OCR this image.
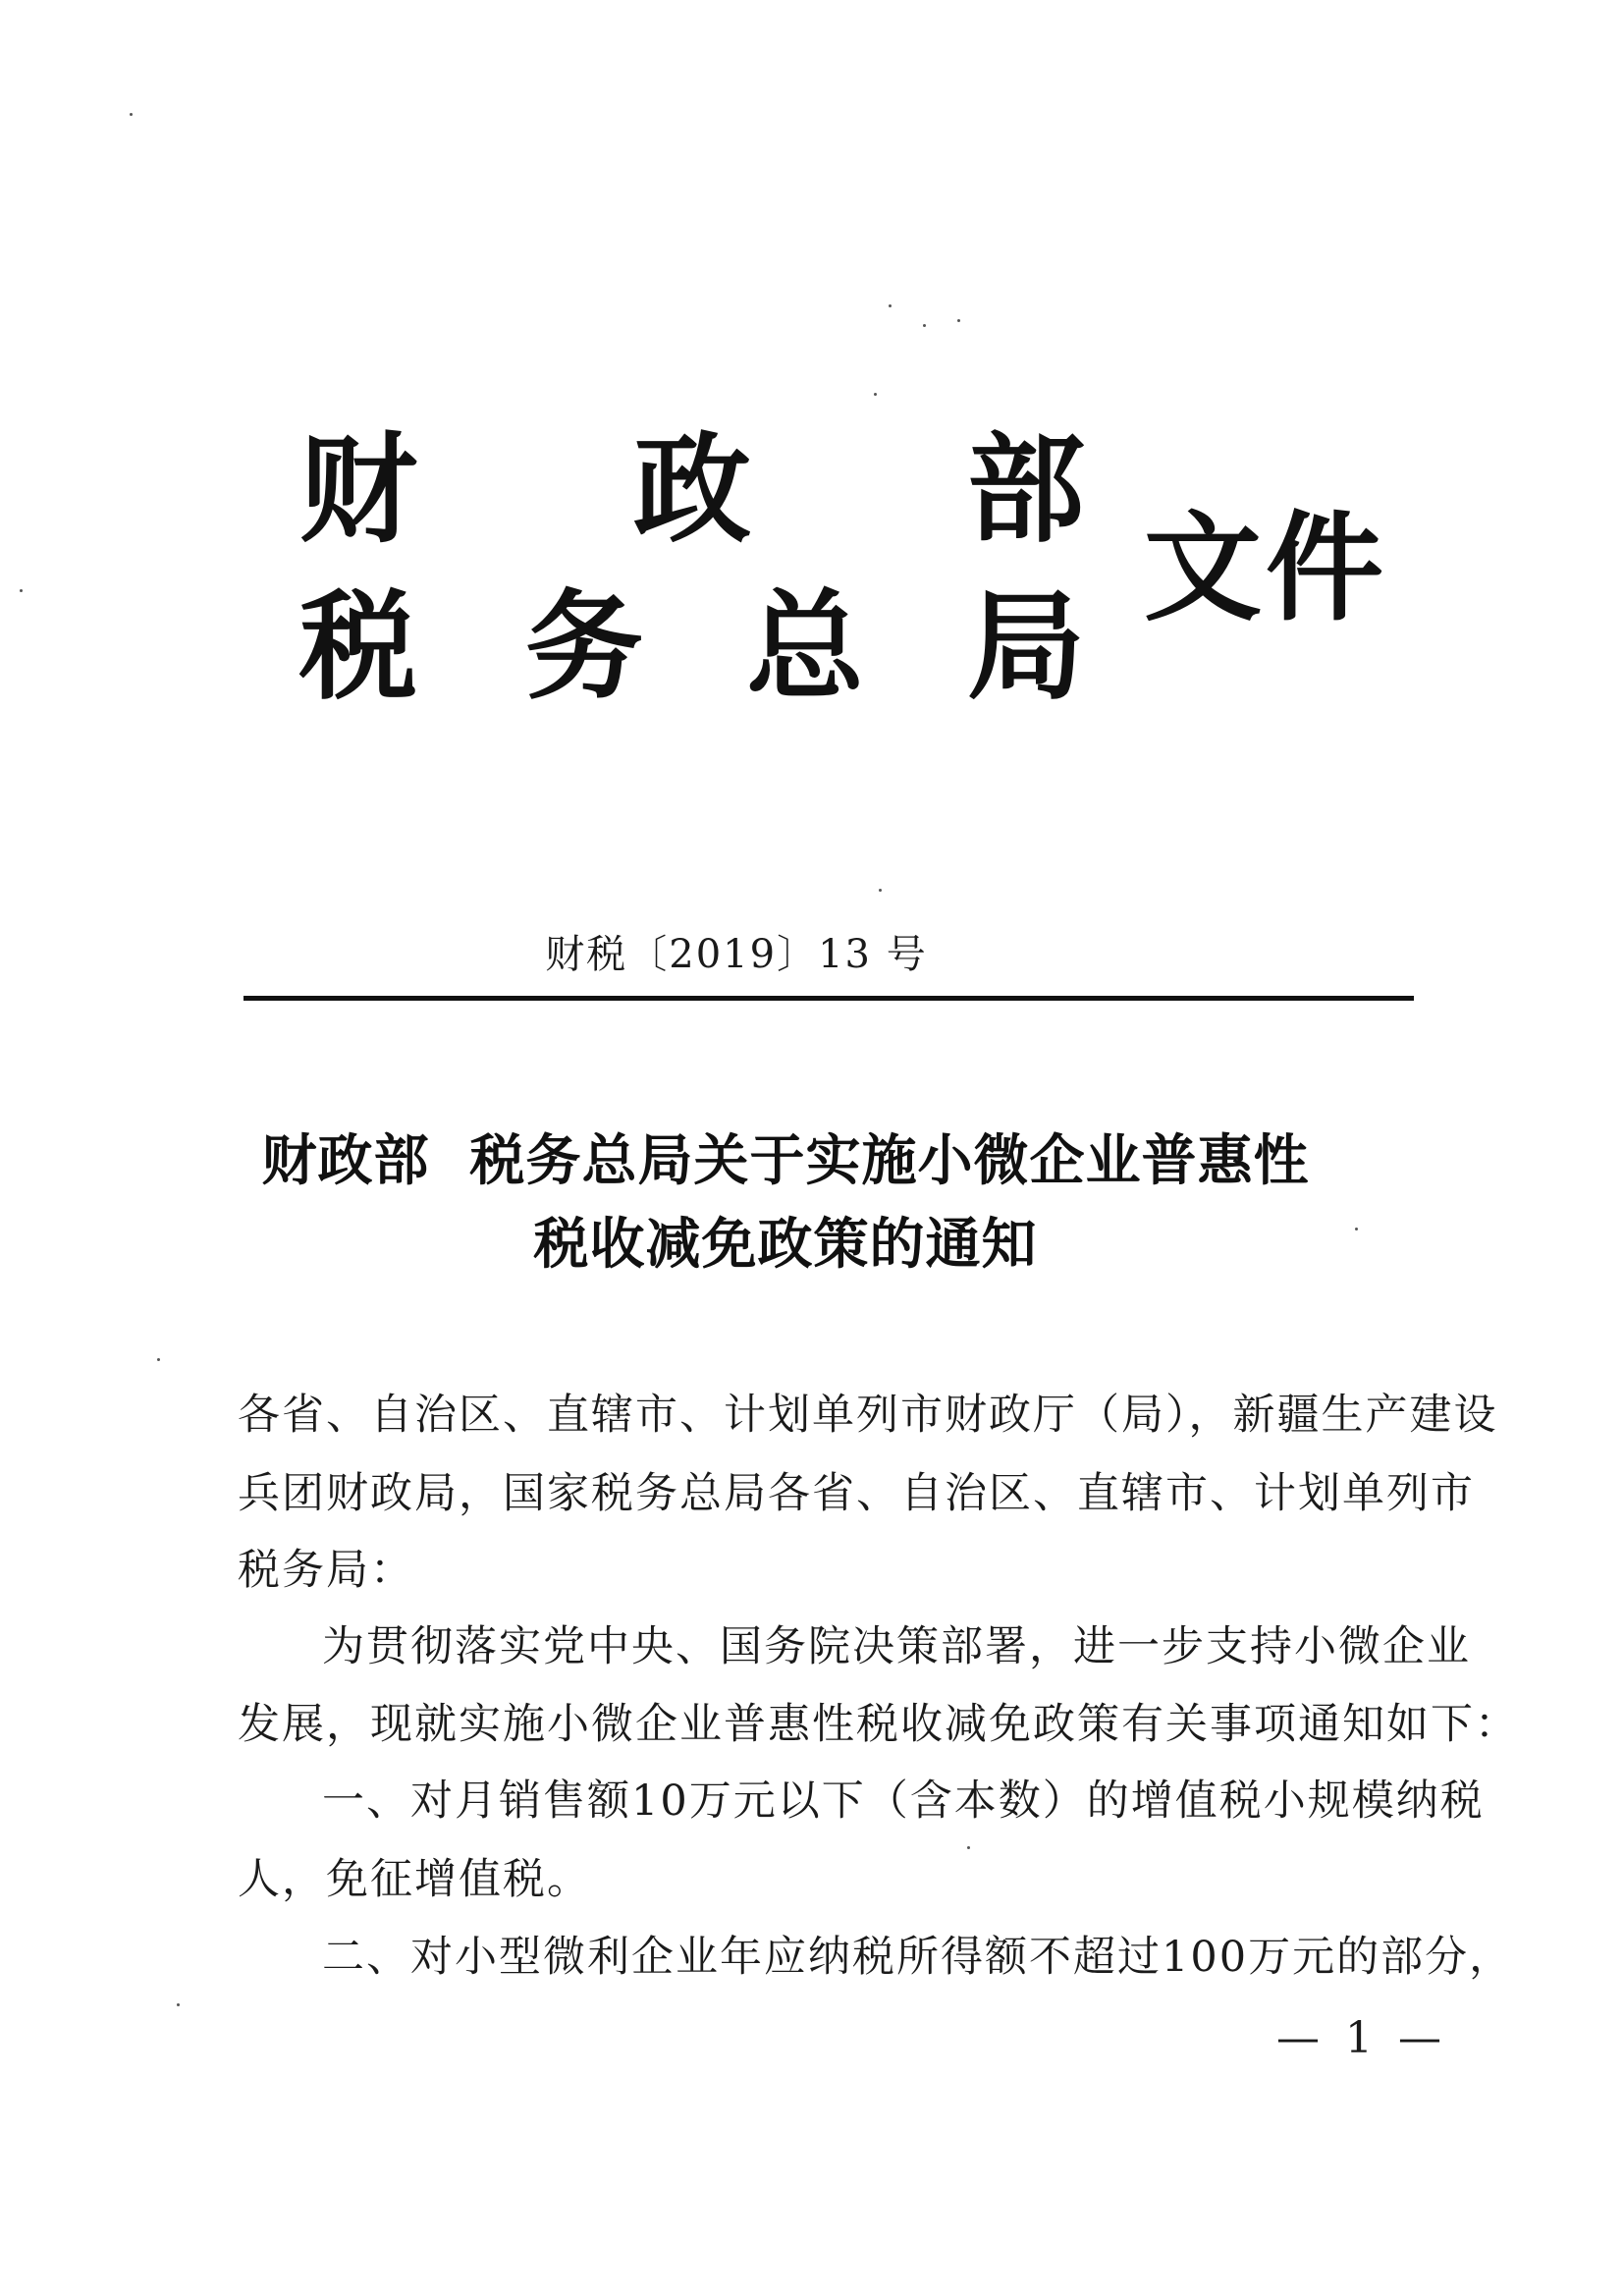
财 政 部
税 务 总 局
文件
财税〔2019〕13 号
财政部  税务总局关于实施小微企业普惠性
税收减免政策的通知
各省、自治区、直辖市、计划单列市财政厅（局），新疆生产建设
兵团财政局，国家税务总局各省、自治区、直辖市、计划单列市
税务局：
为贯彻落实党中央、国务院决策部署，进一步支持小微企业
发展，现就实施小微企业普惠性税收减免政策有关事项通知如下：
一、对月销售额10万元以下（含本数）的增值税小规模纳税
人，免征增值税。
二、对小型微利企业年应纳税所得额不超过100万元的部分，
— 1 —
